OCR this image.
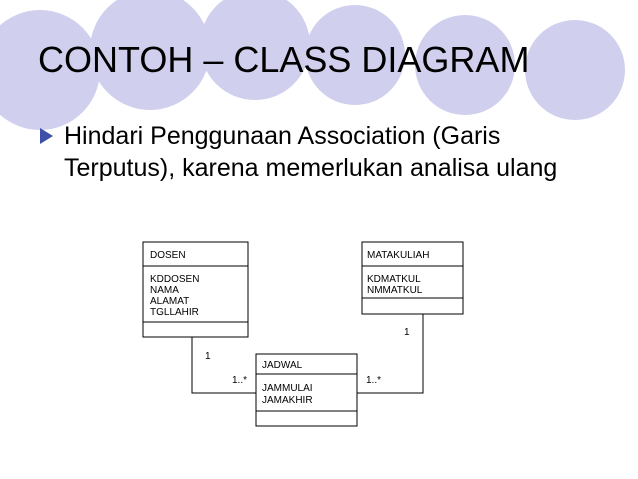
CONTOH – CLASS DIAGRAM
Hindari Penggunaan Association (Garis Terputus), karena memerlukan analisa ulang
DOSEN	MATAKULIAH
JADWAL
KDDOSEN
NAMA
ALAMAT
TGLLAHIR
KDMATKUL
NMMATKUL
JAMMULAI
JAMAKHIR
1
1..*
1
1..*
